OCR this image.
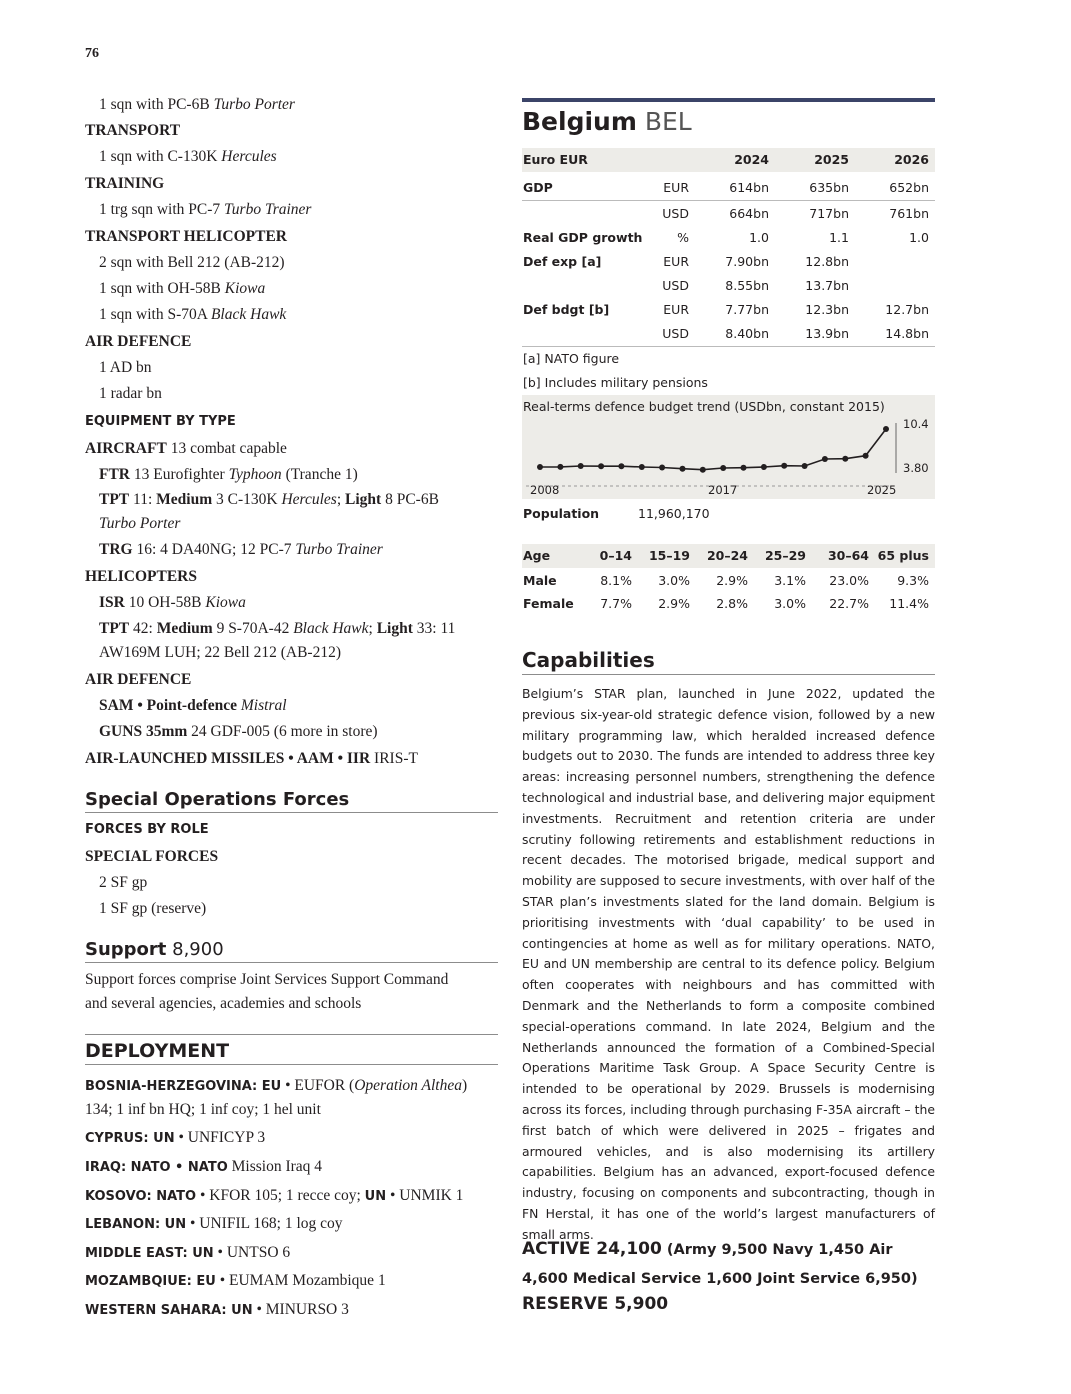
76
1 sqn with PC-6B Turbo Porter
TRANSPORT
1 sqn with C-130K Hercules
TRAINING
1 trg sqn with PC-7 Turbo Trainer
TRANSPORT HELICOPTER
2 sqn with Bell 212 (AB-212)
1 sqn with OH-58B Kiowa
1 sqn with S-70A Black Hawk
AIR DEFENCE
1 AD bn
1 radar bn
EQUIPMENT BY TYPE
AIRCRAFT 13 combat capable
FTR 13 Eurofighter Typhoon (Tranche 1)
TPT 11: Medium 3 C-130K Hercules; Light 8 PC-6B
Turbo Porter
TRG 16: 4 DA40NG; 12 PC-7 Turbo Trainer
HELICOPTERS
ISR 10 OH-58B Kiowa
TPT 42: Medium 9 S-70A-42 Black Hawk; Light 33: 11
AW169M LUH; 22 Bell 212 (AB-212)
AIR DEFENCE
SAM • Point-defence Mistral
GUNS 35mm 24 GDF-005 (6 more in store)
AIR-LAUNCHED MISSILES • AAM • IIR IRIS-T
Special Operations Forces
FORCES BY ROLE
SPECIAL FORCES
2 SF gp
1 SF gp (reserve)
Support 8,900
Support forces comprise Joint Services Support Command
and several agencies, academies and schools
DEPLOYMENT
BOSNIA-HERZEGOVINA: EU • EUFOR (Operation Althea)
134; 1 inf bn HQ; 1 inf coy; 1 hel unit
CYPRUS: UN • UNFICYP 3
IRAQ: NATO • NATO Mission Iraq 4
KOSOVO: NATO • KFOR 105; 1 recce coy; UN • UNMIK 1
LEBANON: UN • UNIFIL 168; 1 log coy
MIDDLE EAST: UN • UNTSO 6
MOZAMBQIUE: EU • EUMAM Mozambique 1
WESTERN SAHARA: UN • MINURSO 3
Belgium BEL
Euro EUR	2024	2025	2026
GDP	EUR	614bn	635bn	652bn
USD	664bn	717bn	761bn
Real GDP growth	%	1.0	1.1	1.0
Def exp [a]	EUR	7.90bn	12.8bn
USD	8.55bn	13.7bn
Def bdgt [b]	EUR	7.77bn	12.3bn	12.7bn
USD	8.40bn	13.9bn	14.8bn
[a] NATO figure
[b] Includes military pensions
Real-terms defence budget trend (USDbn, constant 2015)
10.4
3.80
2008	2017	2025
Population	11,960,170
Age	0–14 15–19 20–24 25–29 30–64 65 plus
Male	8.1% 3.0% 2.9% 3.1% 23.0% 9.3%
Female 7.7% 2.9% 2.8% 3.0% 22.7% 11.4%
Capabilities

Belgium’s STAR plan, launched in June 2022, updated the previous six-year-old strategic defence vision, followed by a new military programming law, which heralded increased defence budgets out to 2030. The funds are intended to address three key areas: increasing personnel numbers, strengthening the defence technological and industrial base, and delivering major equipment investments. Recruitment and retention criteria are under scrutiny following retirements and establishment reductions in recent decades. The motorised brigade, medical support and mobility are supposed to secure investments, with over half of the STAR plan’s investments slated for the land domain. Belgium is prioritising investments with ‘dual capability’ to be used in contingencies at home as well as for military operations. NATO, EU and UN membership are central to its defence policy. Belgium often cooperates with neighbours and has committed with Denmark and the Netherlands to form a composite combined special-operations command. In late 2024, Belgium and the Netherlands announced the formation of a Combined-Special Operations Maritime Task Group. A Space Security Centre is intended to be operational by 2029. Brussels is modernising across its forces, including through purchasing F-35A aircraft – the first batch of which were delivered in 2025 – frigates and armoured vehicles, and is also modernising its artillery capabilities. Belgium has an advanced, export-focused defence industry, focusing on components and subcontracting, though in FN Herstal, it has one of the world’s largest manufacturers of small arms.

ACTIVE 24,100 (Army 9,500 Navy 1,450 Air 4,600 Medical Service 1,600 Joint Service 6,950)
RESERVE 5,900
